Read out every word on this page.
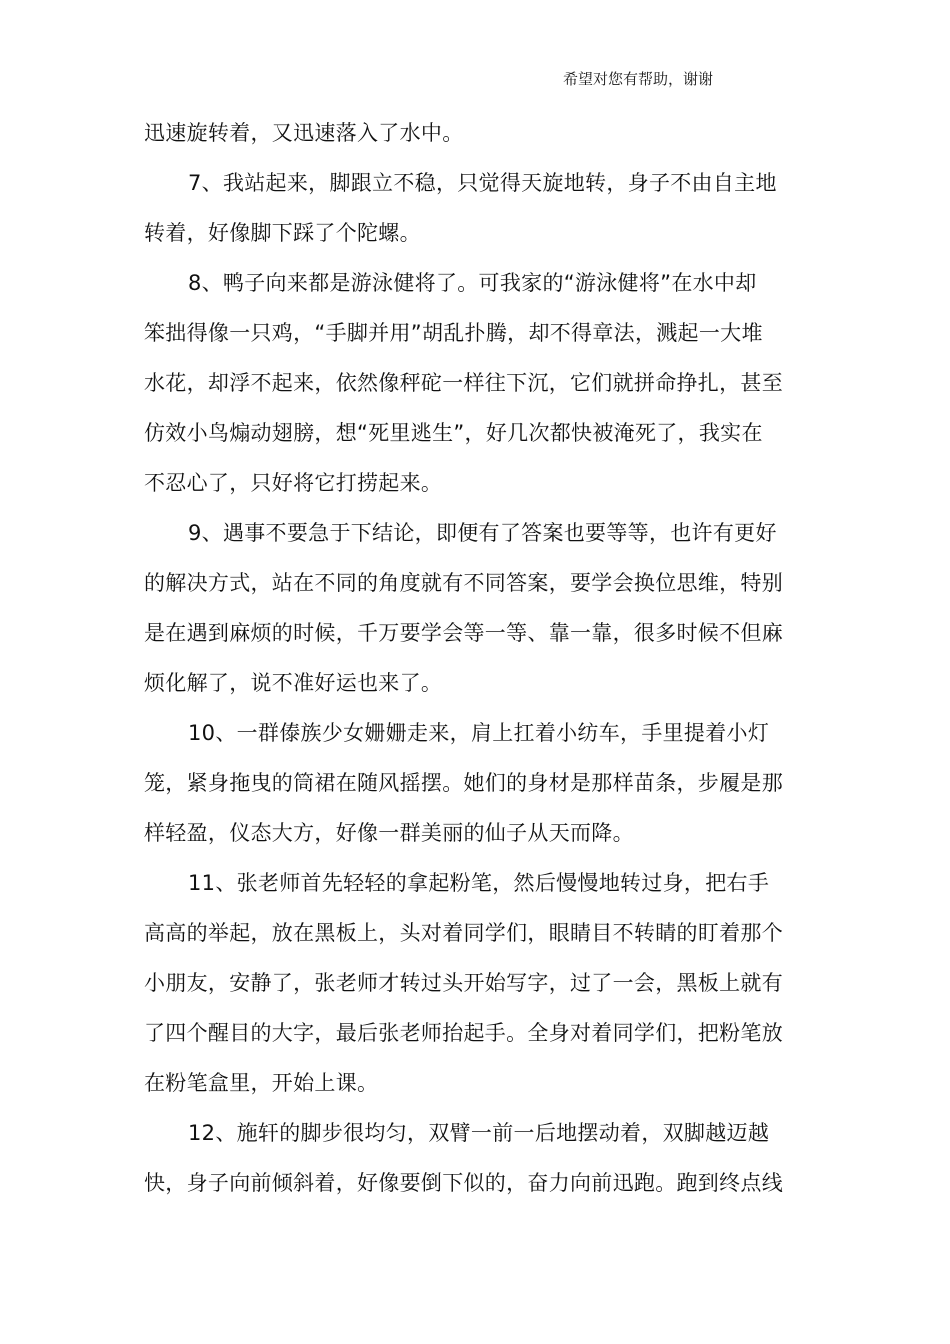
希望对您有帮助，谢谢
迅速旋转着，又迅速落入了水中。
7、我站起来，脚跟立不稳，只觉得天旋地转，身子不由自主地
转着，好像脚下踩了个陀螺。
8、鸭子向来都是游泳健将了。可我家的“游泳健将”在水中却
笨拙得像一只鸡，“手脚并用”胡乱扑腾，却不得章法，溅起一大堆
水花，却浮不起来，依然像秤砣一样往下沉，它们就拼命挣扎，甚至
仿效小鸟煽动翅膀，想“死里逃生”，好几次都快被淹死了，我实在
不忍心了，只好将它打捞起来。
9、遇事不要急于下结论，即便有了答案也要等等，也许有更好
的解决方式，站在不同的角度就有不同答案，要学会换位思维，特别
是在遇到麻烦的时候，千万要学会等一等、靠一靠，很多时候不但麻
烦化解了，说不准好运也来了。
10、一群傣族少女姗姗走来，肩上扛着小纺车，手里提着小灯
笼，紧身拖曳的筒裙在随风摇摆。她们的身材是那样苗条，步履是那
样轻盈，仪态大方，好像一群美丽的仙子从天而降。
11、张老师首先轻轻的拿起粉笔，然后慢慢地转过身，把右手
高高的举起，放在黑板上，头对着同学们，眼睛目不转睛的盯着那个
小朋友，安静了，张老师才转过头开始写字，过了一会，黑板上就有
了四个醒目的大字，最后张老师抬起手。全身对着同学们，把粉笔放
在粉笔盒里，开始上课。
12、施轩的脚步很均匀，双臂一前一后地摆动着，双脚越迈越
快，身子向前倾斜着，好像要倒下似的，奋力向前迅跑。跑到终点线
